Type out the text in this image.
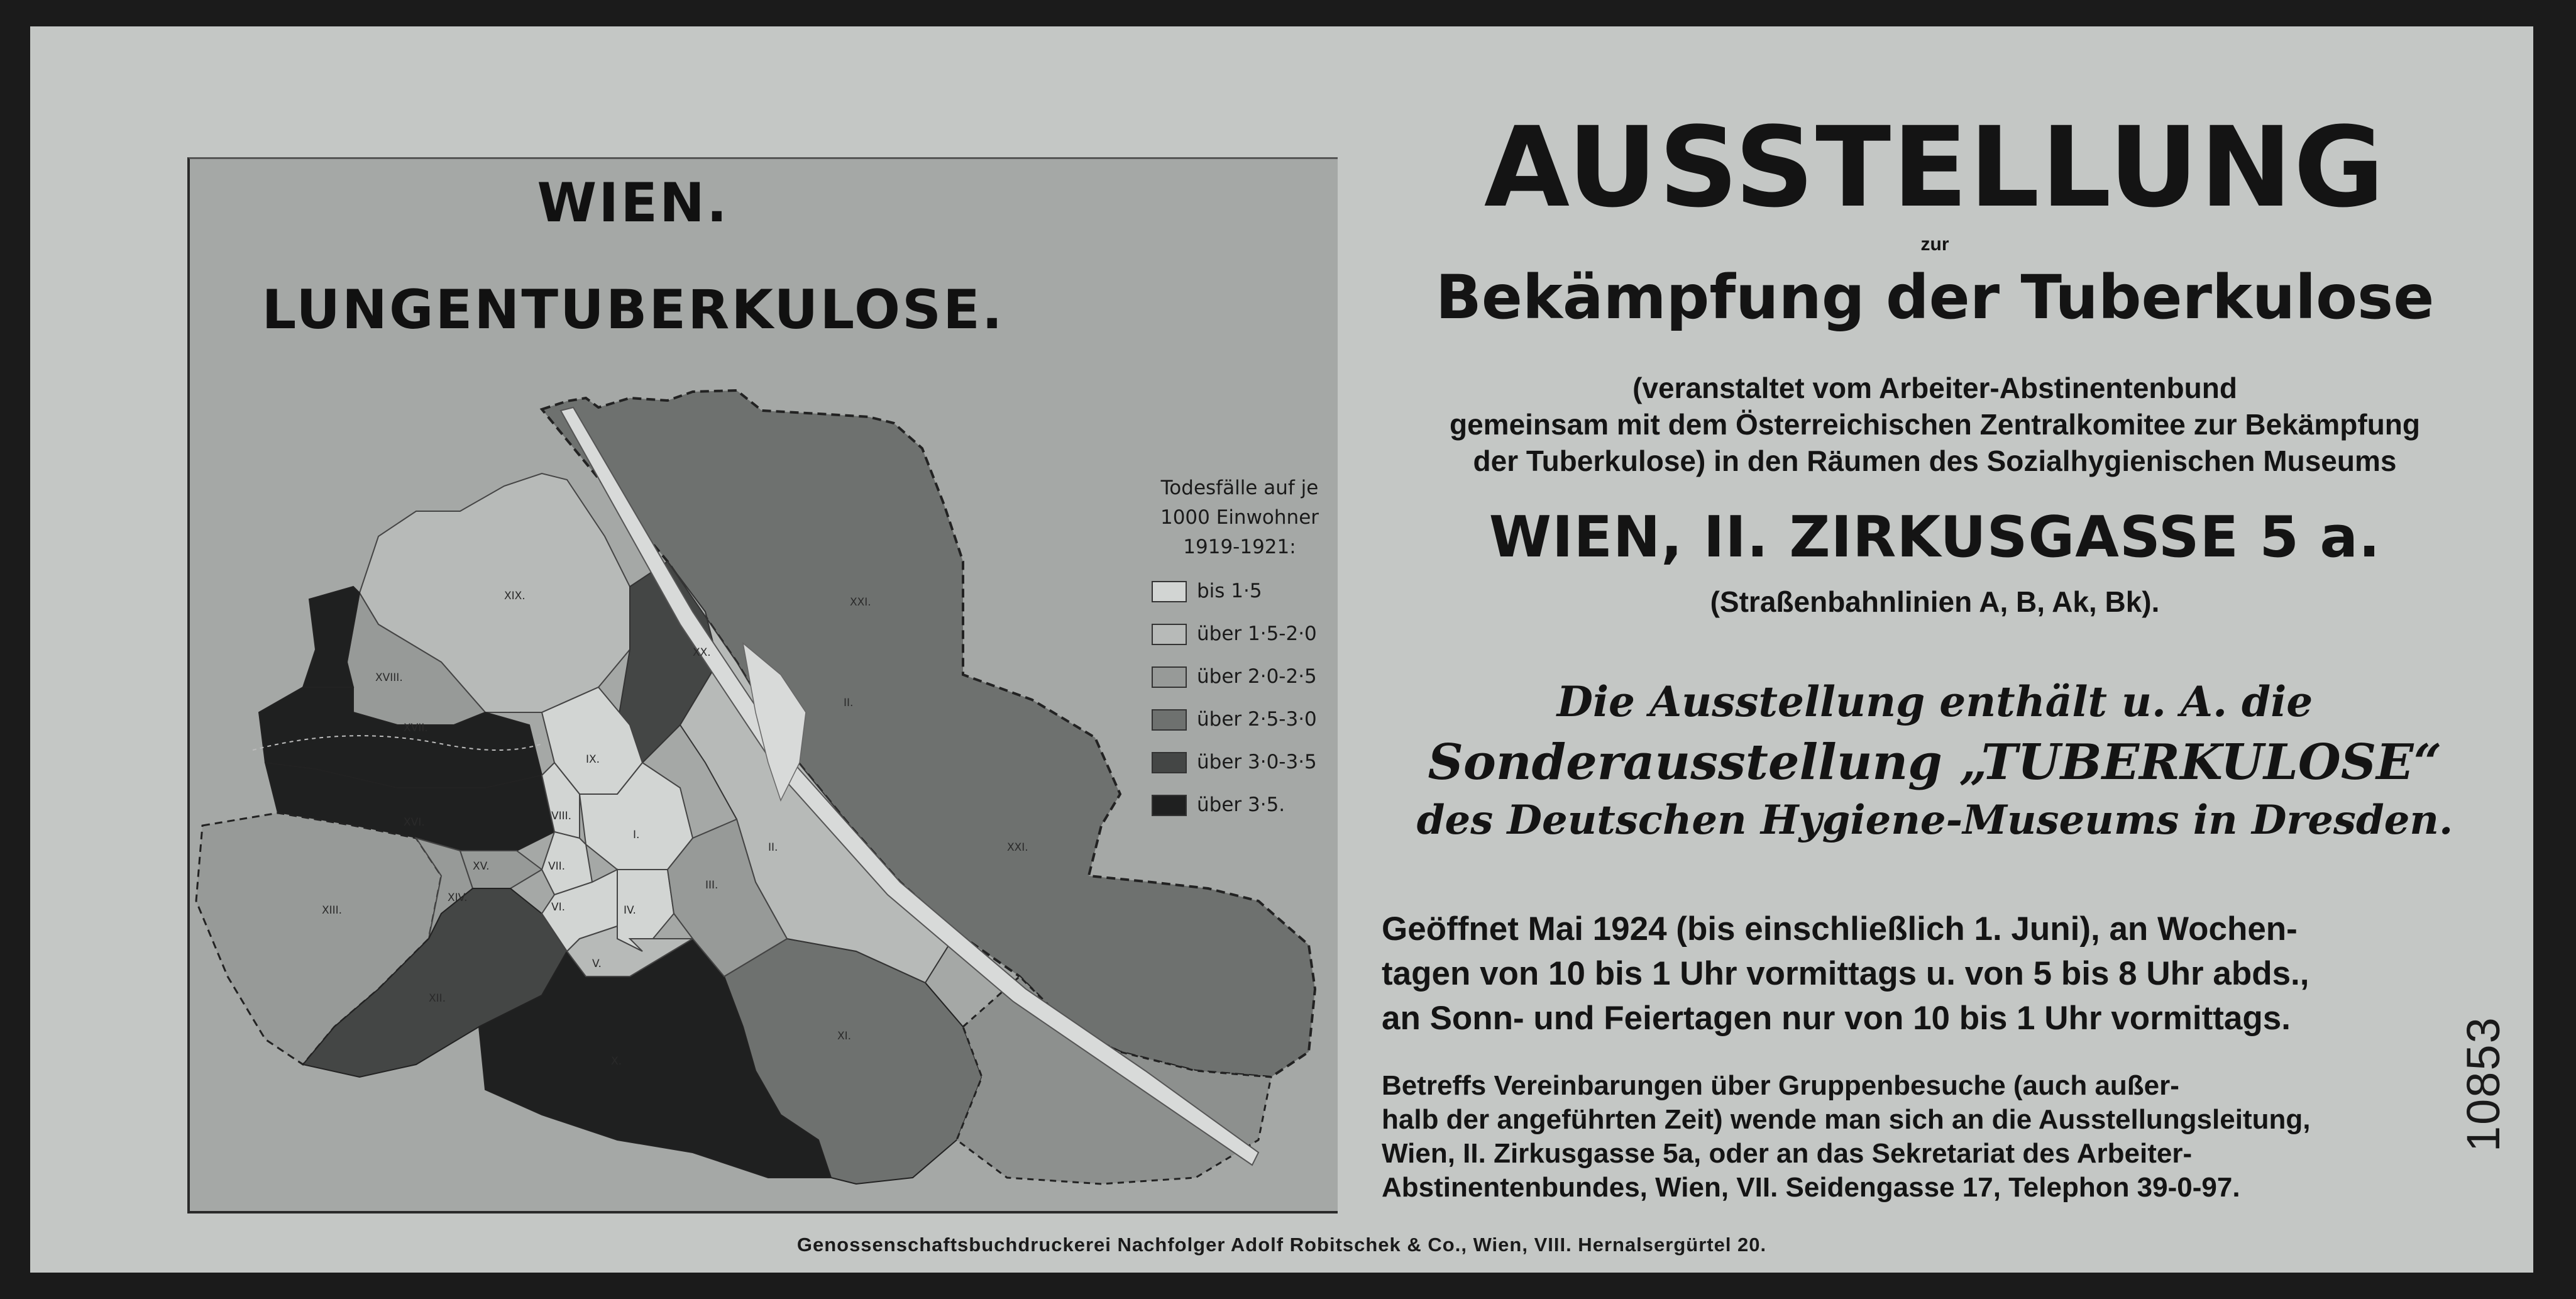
WIEN.
LUNGENTUBERKULOSE.
XX.
II.
II.
XXI.
XXI.
XIX.
XVIII.
XVII.
XVI.
XIII.
XV.
XIV.
XII.
X.
XI.
IX.
VIII.
I.
VII.
VI.	IV.
III.
V.
Todesfälle auf je
1000 Einwohner
1919-1921:
bis 1·5
über 1·5-2·0
über 2·0-2·5
über 2·5-3·0
über 3·0-3·5
über 3·5.
AUSSTELLUNG
zur
Bekämpfung der Tuberkulose
(veranstaltet vom Arbeiter-Abstinentenbund
gemeinsam mit dem Österreichischen Zentralkomitee zur Bekämpfung
der Tuberkulose) in den Räumen des Sozialhygienischen Museums
WIEN, II. ZIRKUSGASSE 5 a.
(Straßenbahnlinien A, B, Ak, Bk).
Die Ausstellung enthält u. A. die
Sonderausstellung „TUBERKULOSE“
des Deutschen Hygiene-Museums in Dresden.
Geöffnet Mai 1924 (bis einschließlich 1. Juni), an Wochen-
tagen von 10 bis 1 Uhr vormittags u. von 5 bis 8 Uhr abds.,
an Sonn- und Feiertagen nur von 10 bis 1 Uhr vormittags.
Betreffs Vereinbarungen über Gruppenbesuche (auch außer-
halb der angeführten Zeit) wende man sich an die Ausstellungsleitung,
Wien, II. Zirkusgasse 5a, oder an das Sekretariat des Arbeiter-
Abstinentenbundes, Wien, VII. Seidengasse 17, Telephon 39-0-97.
Genossenschaftsbuchdruckerei Nachfolger Adolf Robitschek & Co., Wien, VIII. Hernalsergürtel 20.
10853
